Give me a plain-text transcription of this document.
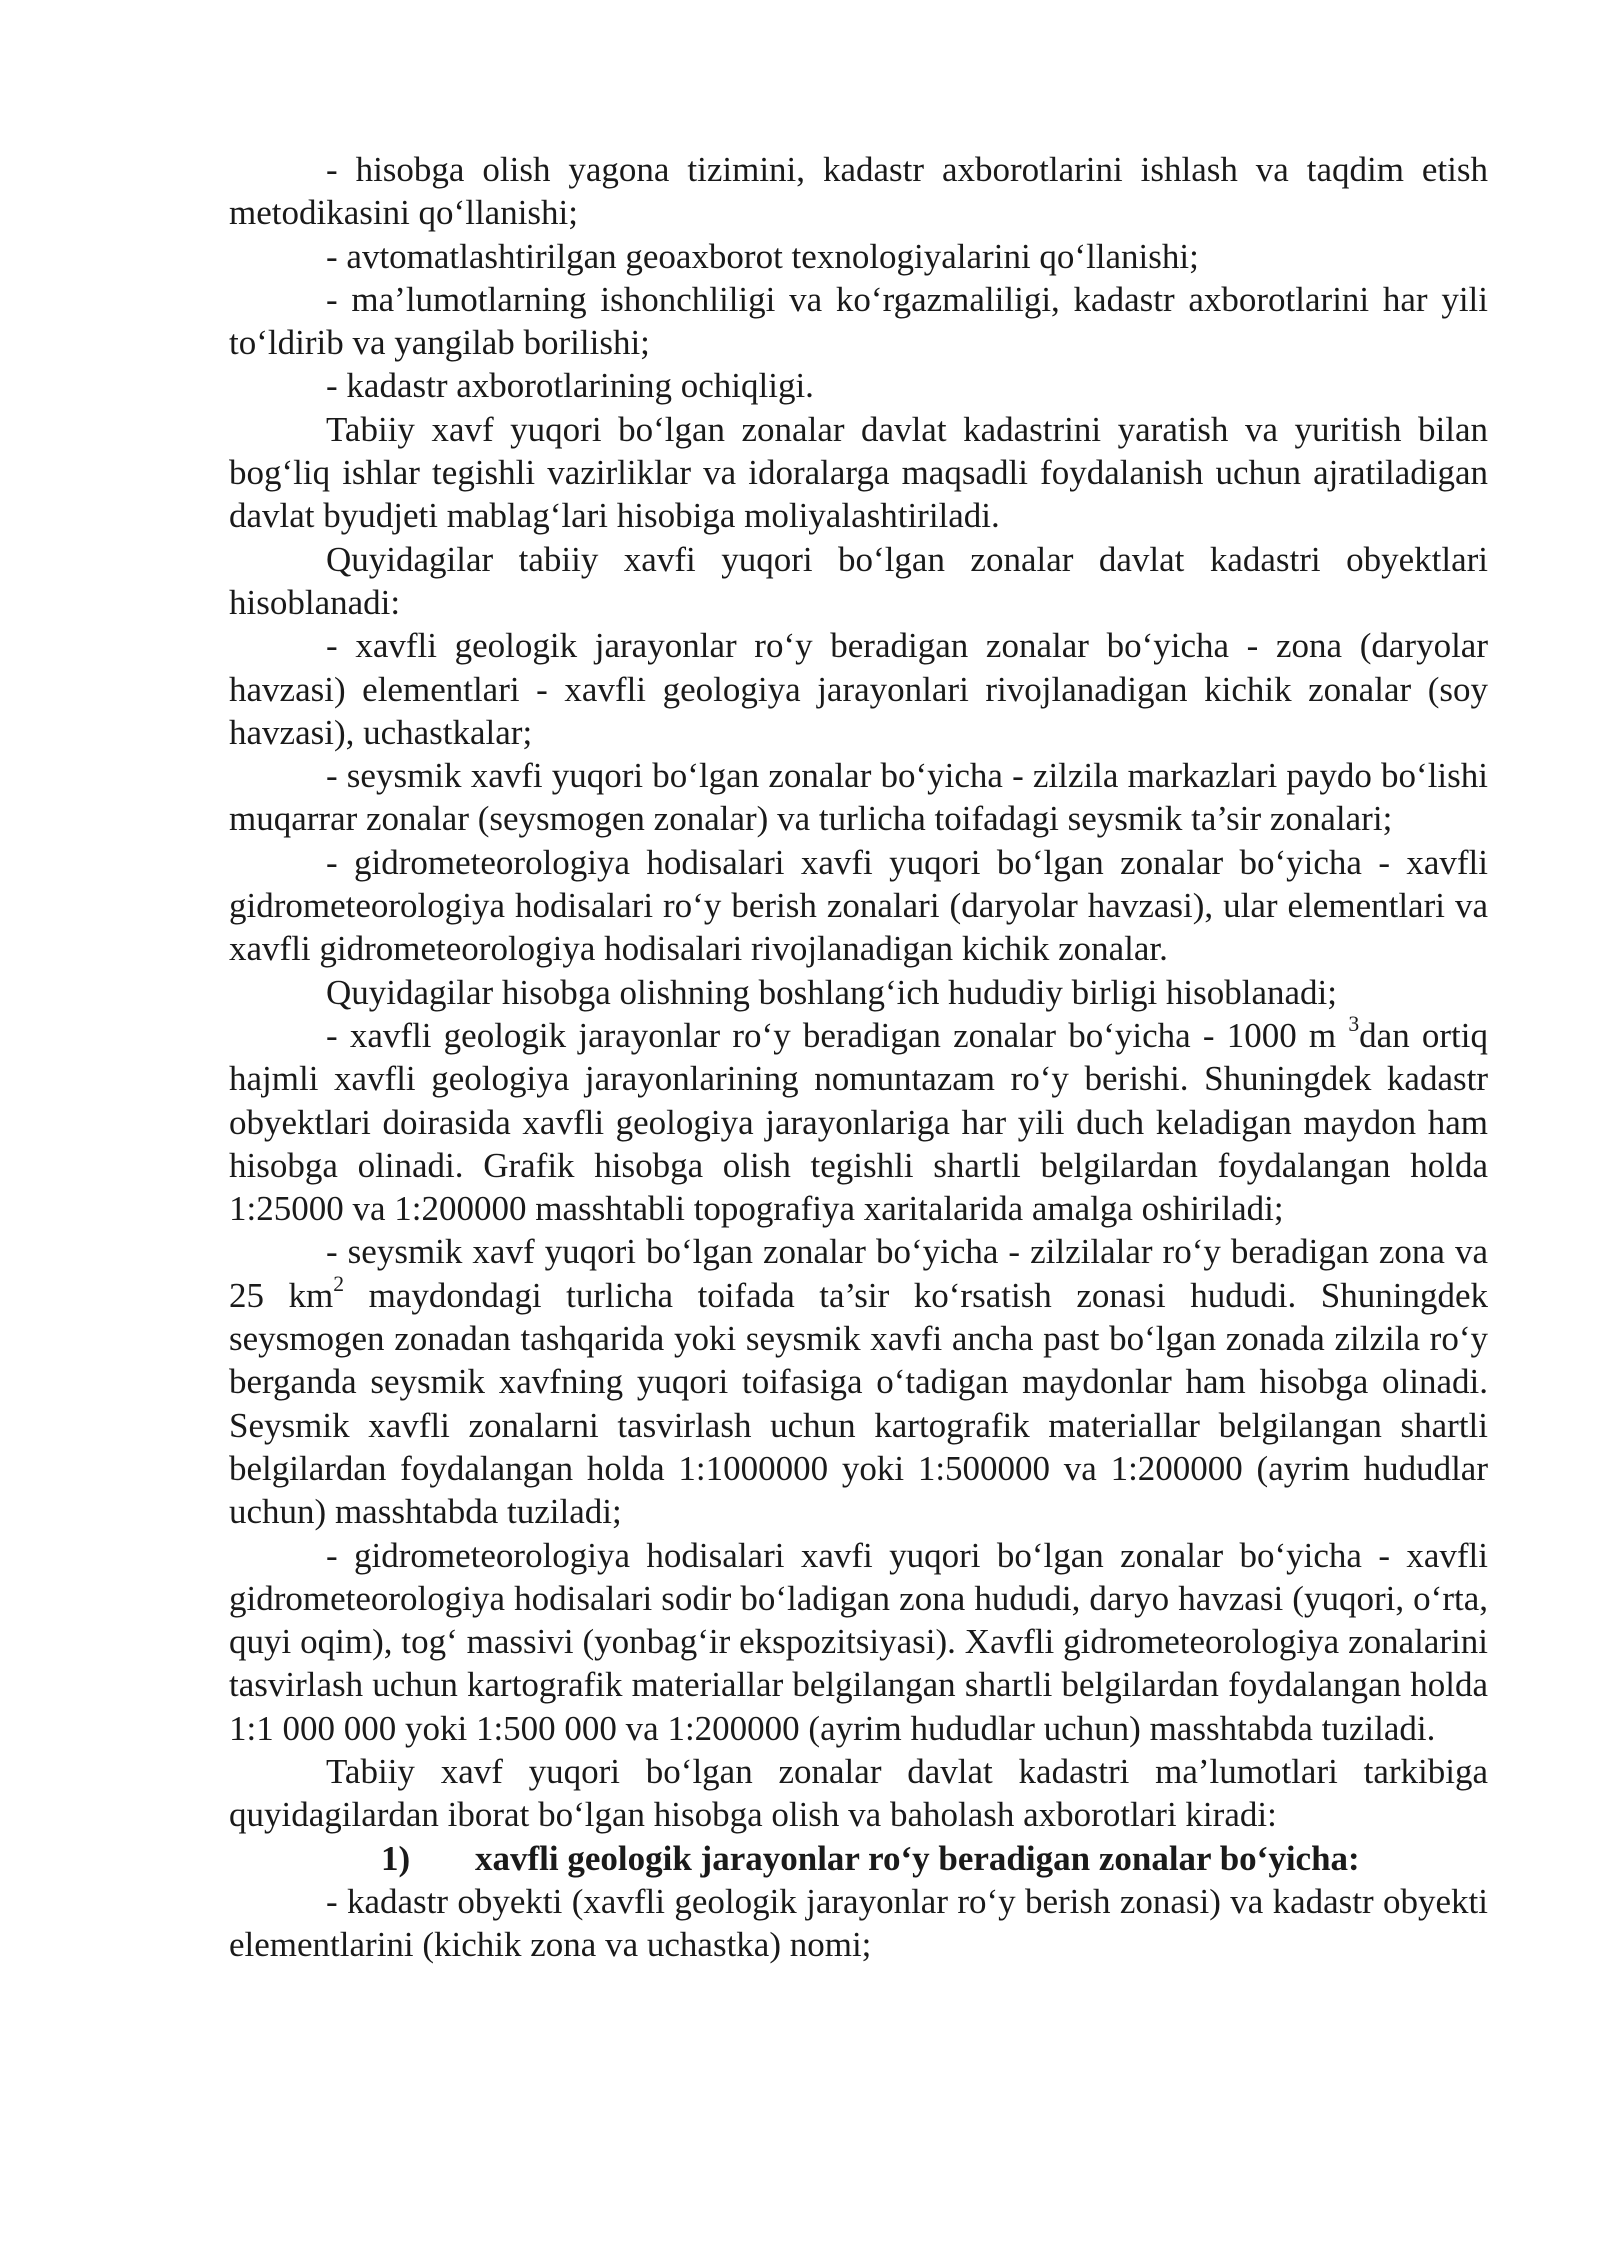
- hisobga olish yagona tizimini, kadastr axborotlarini ishlash va taqdim etish metodikasini qo‘llanishi;

- avtomatlashtirilgan geoaxborot texnologiyalarini qo‘llanishi;

- ma’lumotlarning ishonchliligi va ko‘rgazmaliligi, kadastr axborotlarini har yili to‘ldirib va yangilab borilishi;

- kadastr axborotlarining ochiqligi.

Tabiiy xavf yuqori bo‘lgan zonalar davlat kadastrini yaratish va yuritish bilan bog‘liq ishlar tegishli vazirliklar va idoralarga maqsadli foydalanish uchun ajratiladigan davlat byudjeti mablag‘lari hisobiga moliyalashtiriladi.

Quyidagilar tabiiy xavfi yuqori bo‘lgan zonalar davlat kadastri obyektlari hisoblanadi:

- xavfli geologik jarayonlar ro‘y beradigan zonalar bo‘yicha - zona (daryolar havzasi) elementlari - xavfli geologiya jarayonlari rivojlanadigan kichik zonalar (soy havzasi), uchastkalar;

- seysmik xavfi yuqori bo‘lgan zonalar bo‘yicha - zilzila markazlari paydo bo‘lishi muqarrar zonalar (seysmogen zonalar) va turlicha toifadagi seysmik ta’sir zonalari;

- gidrometeorologiya hodisalari xavfi yuqori bo‘lgan zonalar bo‘yicha - xavfli gidrometeorologiya hodisalari ro‘y berish zonalari (daryolar havzasi), ular elementlari va xavfli gidrometeorologiya hodisalari rivojlanadigan kichik zonalar.

Quyidagilar hisobga olishning boshlang‘ich hududiy birligi hisoblanadi;

- xavfli geologik jarayonlar ro‘y beradigan zonalar bo‘yicha - 1000 m $^3$dan ortiq hajmli xavfli geologiya jarayonlarining nomuntazam ro‘y berishi. Shuningdek kadastr obyektlari doirasida xavfli geologiya jarayonlariga har yili duch keladigan maydon ham hisobga olinadi. Grafik hisobga olish tegishli shartli belgilardan foydalangan holda 1:25000 va 1:200000 masshtabli topografiya xaritalarida amalga oshiriladi;

- seysmik xavf yuqori bo‘lgan zonalar bo‘yicha - zilzilalar ro‘y beradigan zona va 25 $km^2$ maydondagi turlicha toifada ta’sir ko‘rsatish zonasi hududi. Shuningdek seysmogen zonadan tashqarida yoki seysmik xavfi ancha past bo‘lgan zonada zilzila ro‘y berganda seysmik xavfning yuqori toifasiga o‘tadigan maydonlar ham hisobga olinadi. Seysmik xavfli zonalarni tasvirlash uchun kartografik materiallar belgilangan shartli belgilardan foydalangan holda 1:1000000 yoki 1:500000 va 1:200000 (ayrim hududlar uchun) masshtabda tuziladi;

- gidrometeorologiya hodisalari xavfi yuqori bo‘lgan zonalar bo‘yicha - xavfli gidrometeorologiya hodisalari sodir bo‘ladigan zona hududi, daryo havzasi (yuqori, o‘rta, quyi oqim), tog‘ massivi (yonbag‘ir ekspozitsiyasi). Xavfli gidrometeorologiya zonalarini tasvirlash uchun kartografik materiallar belgilangan shartli belgilardan foydalangan holda 1:1 000 000 yoki 1:500 000 va 1:200000 (ayrim hududlar uchun) masshtabda tuziladi.

Tabiiy xavf yuqori bo‘lgan zonalar davlat kadastri ma’lumotlari tarkibiga quyidagilardan iborat bo‘lgan hisobga olish va baholash axborotlari kiradi:

1) xavfli geologik jarayonlar ro‘y beradigan zonalar bo‘yicha:

- kadastr obyekti (xavfli geologik jarayonlar ro‘y berish zonasi) va kadastr obyekti elementlarini (kichik zona va uchastka) nomi;
